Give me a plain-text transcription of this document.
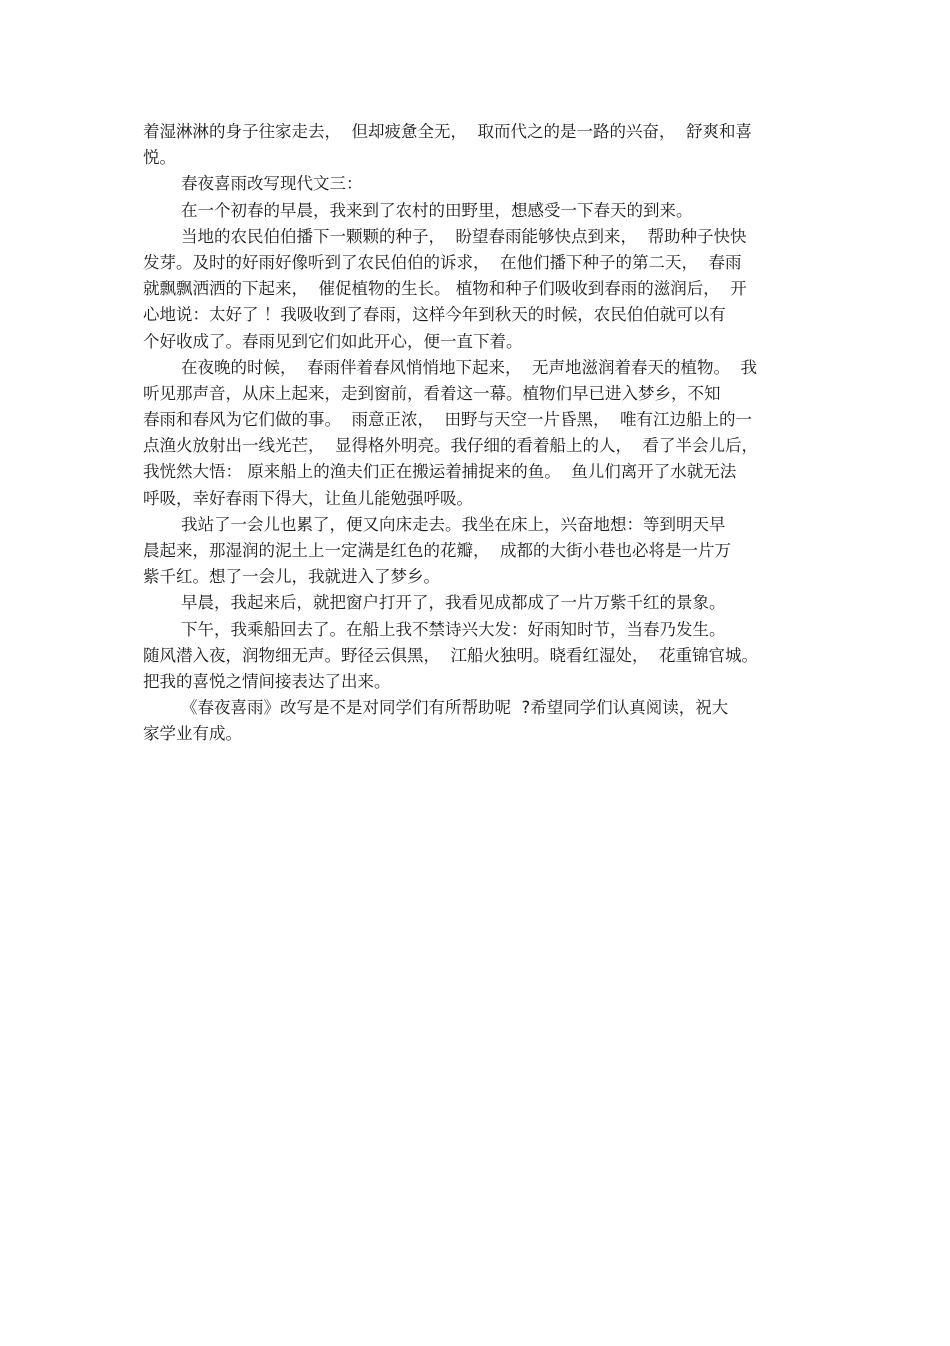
着湿淋淋的身子往家走去，  但却疲惫全无，  取而代之的是一路的兴奋，  舒爽和喜
悦。
春夜喜雨改写现代文三：
在一个初春的早晨，我来到了农村的田野里，想感受一下春天的到来。
当地的农民伯伯播下一颗颗的种子，  盼望春雨能够快点到来，  帮助种子快快
发芽。及时的好雨好像听到了农民伯伯的诉求，  在他们播下种子的第二天，  春雨
就飘飘洒洒的下起来，  催促植物的生长。 植物和种子们吸收到春雨的滋润后，  开
心地说：太好了 ！我吸收到了春雨，这样今年到秋天的时候，农民伯伯就可以有
个好收成了。春雨见到它们如此开心，便一直下着。
在夜晚的时候，  春雨伴着春风悄悄地下起来，  无声地滋润着春天的植物。  我
听见那声音，从床上起来，走到窗前，看着这一幕。植物们早已进入梦乡，不知
春雨和春风为它们做的事。  雨意正浓，  田野与天空一片昏黑，  唯有江边船上的一
点渔火放射出一线光芒，  显得格外明亮。我仔细的看着船上的人，  看了半会儿后，
我恍然大悟： 原来船上的渔夫们正在搬运着捕捉来的鱼。  鱼儿们离开了水就无法
呼吸，幸好春雨下得大，让鱼儿能勉强呼吸。
我站了一会儿也累了，便又向床走去。我坐在床上，兴奋地想：等到明天早
晨起来，那湿润的泥土上一定满是红色的花瓣，  成都的大街小巷也必将是一片万
紫千红。想了一会儿，我就进入了梦乡。
早晨，我起来后，就把窗户打开了，我看见成都成了一片万紫千红的景象。
下午，我乘船回去了。在船上我不禁诗兴大发：好雨知时节，当春乃发生。
随风潜入夜，润物细无声。野径云俱黑，  江船火独明。晓看红湿处，  花重锦官城。
把我的喜悦之情间接表达了出来。
《春夜喜雨》改写是不是对同学们有所帮助呢  ?希望同学们认真阅读，祝大
家学业有成。
